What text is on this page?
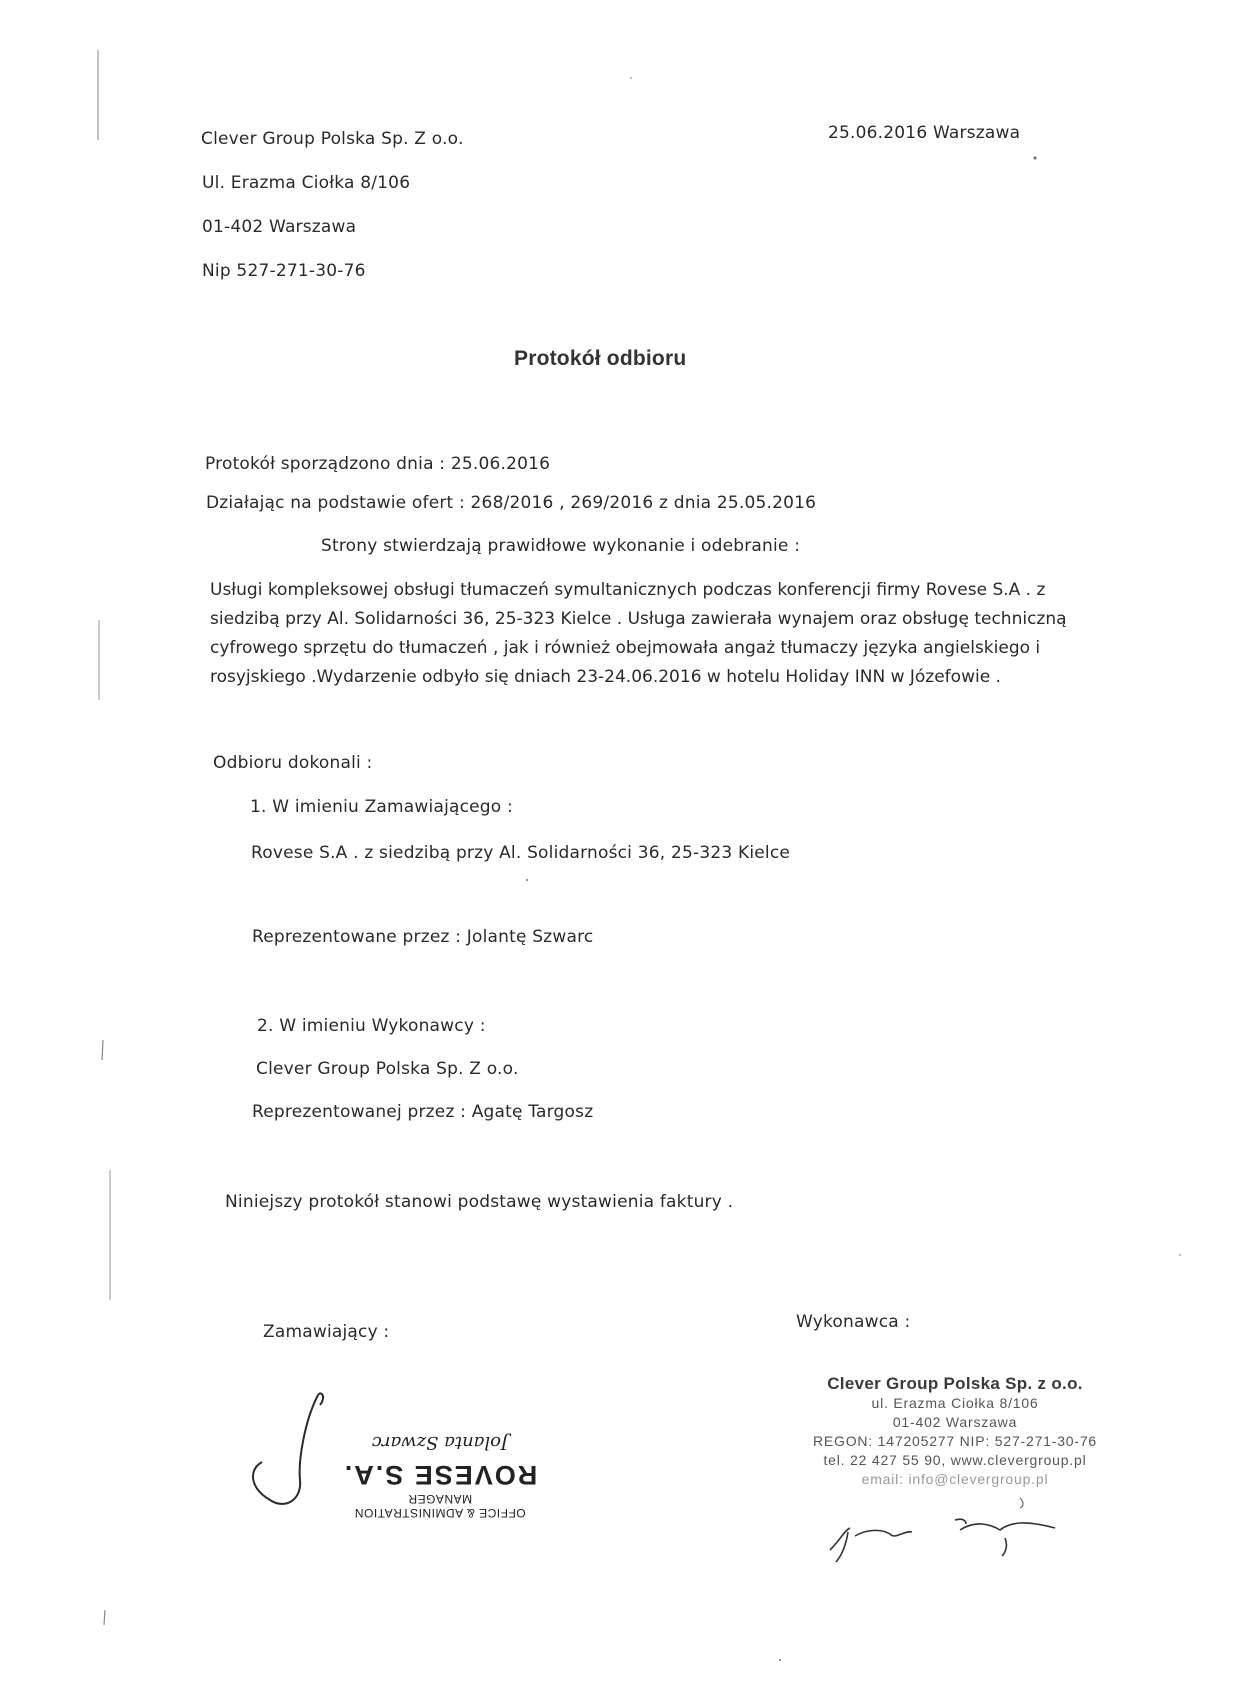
Clever Group Polska Sp. Z o.o.
Ul. Erazma Ciołka 8/106
01-402 Warszawa
Nip 527-271-30-76
25.06.2016 Warszawa
Protokół odbioru
Protokół sporządzono dnia : 25.06.2016
Działając na podstawie ofert : 268/2016 , 269/2016 z dnia 25.05.2016
Strony stwierdzają prawidłowe wykonanie i odebranie :
Usługi kompleksowej obsługi tłumaczeń symultanicznych podczas konferencji firmy Rovese S.A . z
siedzibą przy Al. Solidarności 36, 25-323 Kielce . Usługa zawierała wynajem oraz obsługę techniczną
cyfrowego sprzętu do tłumaczeń , jak i również obejmowała angaż tłumaczy języka angielskiego i
rosyjskiego .Wydarzenie odbyło się dniach 23-24.06.2016 w hotelu Holiday INN w Józefowie .
Odbioru dokonali :
1. W imieniu Zamawiającego :
Rovese S.A . z siedzibą przy Al. Solidarności 36, 25-323 Kielce
Reprezentowane przez : Jolantę Szwarc
2. W imieniu Wykonawcy :
Clever Group Polska Sp. Z o.o.
Reprezentowanej przez : Agatę Targosz
Niniejszy protokół stanowi podstawę wystawienia faktury .
Zamawiający :	Wykonawca :
OFFICE & ADMINISTRATION
MANAGER
ROVESE S.A.
Jolanta Szwarc
Clever Group Polska Sp. z o.o.
ul. Erazma Ciołka 8/106
01-402 Warszawa
REGON: 147205277 NIP: 527-271-30-76
tel. 22 427 55 90, www.clevergroup.pl
email: info@clevergroup.pl
